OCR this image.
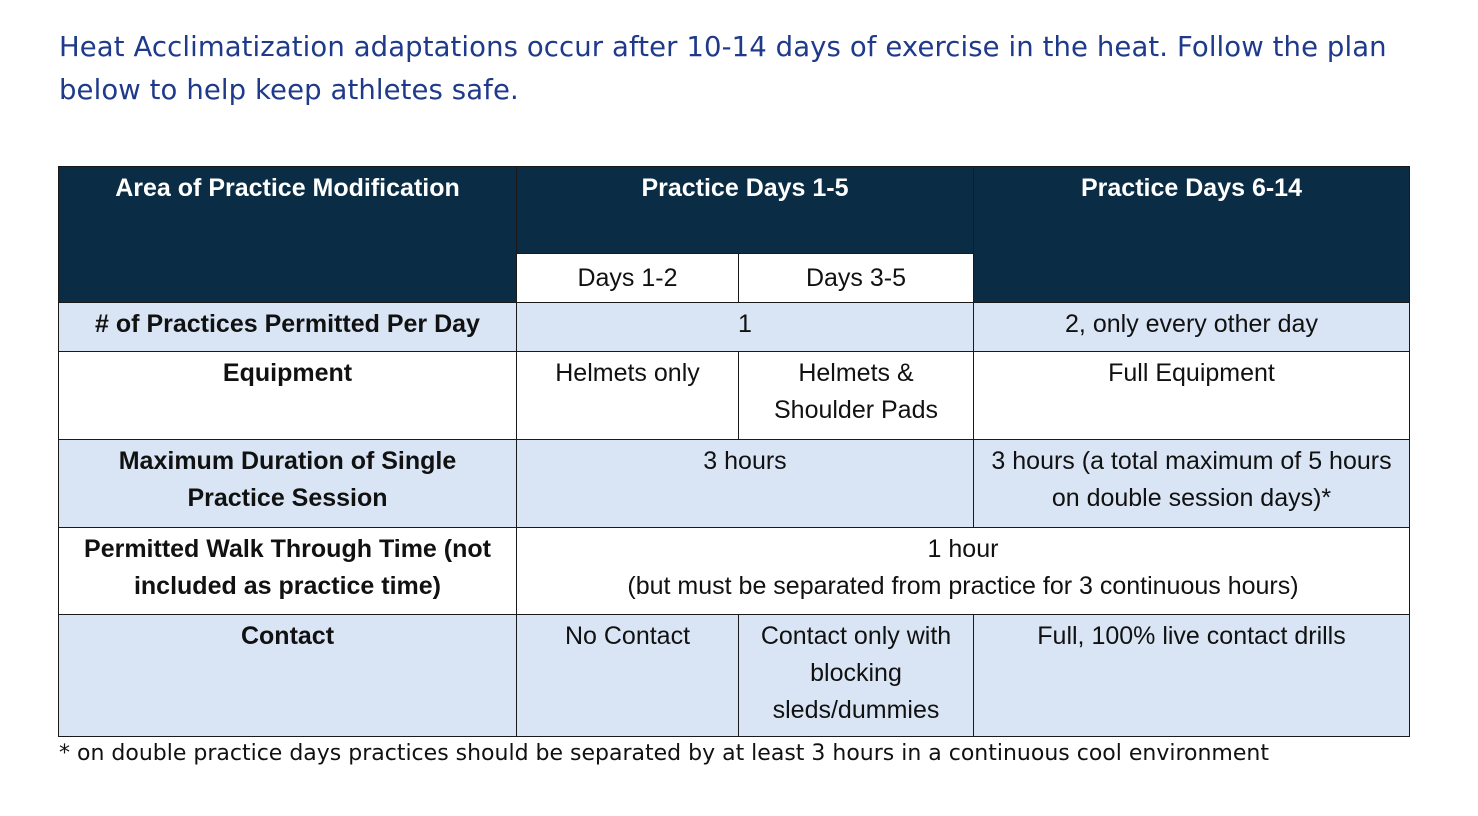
Heat Acclimatization adaptations occur after 10-14 days of exercise in the heat. Follow the plan below to help keep athletes safe.

Area of Practice Modification	Practice Days 1-5		Practice Days 6-14
	Days 1-2	Days 3-5	
# of Practices Permitted Per Day	1		2, only every other day
Equipment	Helmets only	Helmets & Shoulder Pads	Full Equipment
Maximum Duration of Single Practice Session	3 hours		3 hours (a total maximum of 5 hours on double session days)*
Permitted Walk Through Time (not included as practice time)	1 hour
(but must be separated from practice for 3 continuous hours)		

Contact	No Contact	Contact only with blocking sleds/dummies	Full, 100% live contact drills

* on double practice days practices should be separated by at least 3 hours in a continuous cool environment
